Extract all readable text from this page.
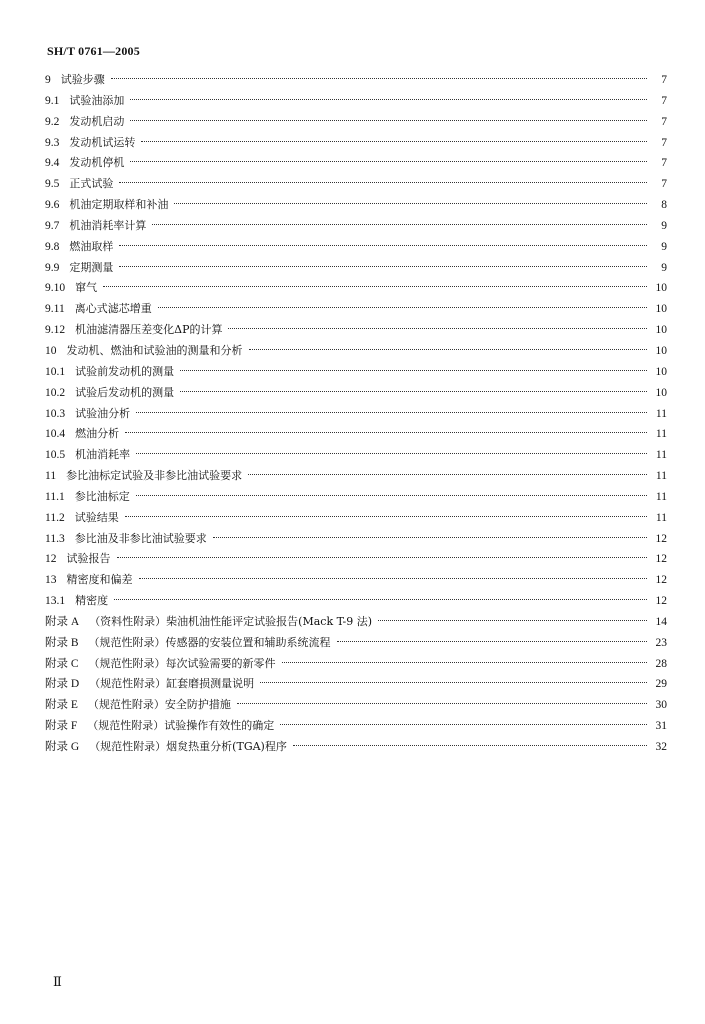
SH/T 0761—2005
9 试验步骤	7
9.1 试验油添加	7
9.2 发动机启动	7
9.3 发动机试运转	7
9.4 发动机停机	7
9.5 正式试验	7
9.6 机油定期取样和补油	8
9.7 机油消耗率计算	9
9.8 燃油取样	9
9.9 定期测量	9
9.10 窜气	10
9.11 离心式滤芯增重	10
9.12 机油滤清器压差变化ΔP的计算	10
10 发动机、燃油和试验油的测量和分析	10
10.1 试验前发动机的测量	10
10.2 试验后发动机的测量	10
10.3 试验油分析	11
10.4 燃油分析	11
10.5 机油消耗率	11
11 参比油标定试验及非参比油试验要求	11
11.1 参比油标定	11
11.2 试验结果	11
11.3 参比油及非参比油试验要求	12
12 试验报告	12
13 精密度和偏差	12
13.1 精密度	12
附录 A （资料性附录）柴油机油性能评定试验报告(Mack T-9 法)	14
附录 B （规范性附录）传感器的安装位置和辅助系统流程	23
附录 C （规范性附录）每次试验需要的新零件	28
附录 D （规范性附录）缸套磨损测量说明	29
附录 E （规范性附录）安全防护措施	30
附录 F （规范性附录）试验操作有效性的确定	31
附录 G （规范性附录）烟炱热重分析(TGA)程序	32
Ⅱ
